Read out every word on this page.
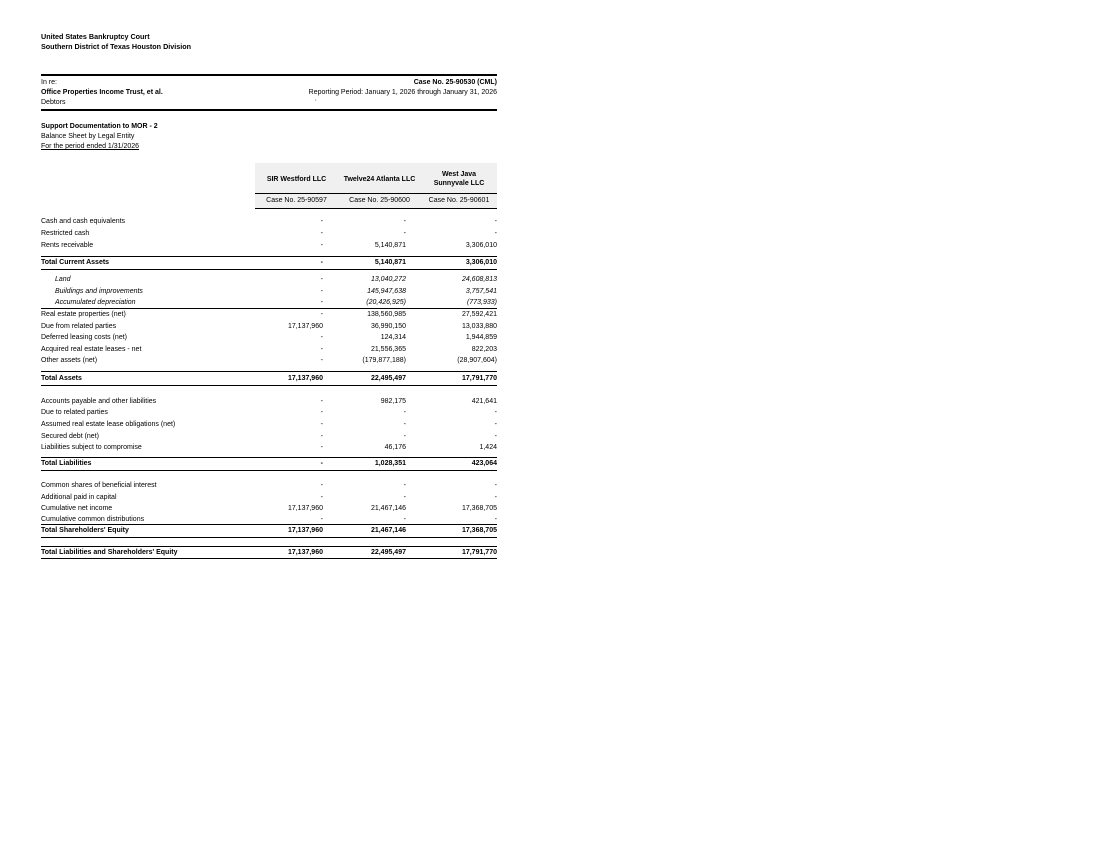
United States Bankruptcy Court
Southern District of Texas Houston Division
In re:
Office Properties Income Trust, et al.
Debtors
Case No. 25-90530 (CML)
Reporting Period: January 1, 2026 through January 31, 2026
·
Support Documentation to MOR - 2
Balance Sheet by Legal Entity
For the period ended 1/31/2026
SIR Westford LLC
Case No. 25-90597
Twelve24 Atlanta LLC
Case No. 25-90600
West Java Sunnyvale LLC
Case No. 25-90601
Cash and cash equivalents	-	-	-
Restricted cash	-	-	-
Rents receivable	-	5,140,871	3,306,010
Total Current Assets	-	5,140,871	3,306,010
Land	-	13,040,272	24,608,813
Buildings and improvements	-	145,947,638	3,757,541
Accumulated depreciation	-	(20,426,925)	(773,933)
Real estate properties (net)	-	138,560,985	27,592,421
Due from related parties	17,137,960	36,990,150	13,033,880
Deferred leasing costs (net)	-	124,314	1,944,859
Acquired real estate leases - net	-	21,556,365	822,203
Other assets (net)	-	(179,877,188)	(28,907,604)
Total Assets	17,137,960	22,495,497	17,791,770
Accounts payable and other liabilities	-	982,175	421,641
Due to related parties	-	-	-
Assumed real estate lease obligations (net)	-	-	-
Secured debt (net)	-	-	-
Liabilities subject to compromise	-	46,176	1,424
Total Liabilities	-	1,028,351	423,064
Common shares of beneficial interest	-	-	-
Additional paid in capital	-	-	-
Cumulative net income	17,137,960	21,467,146	17,368,705
Cumulative common distributions	-	-	-
Total Shareholders' Equity	17,137,960	21,467,146	17,368,705
Total Liabilities and Shareholders' Equity	17,137,960	22,495,497	17,791,770
